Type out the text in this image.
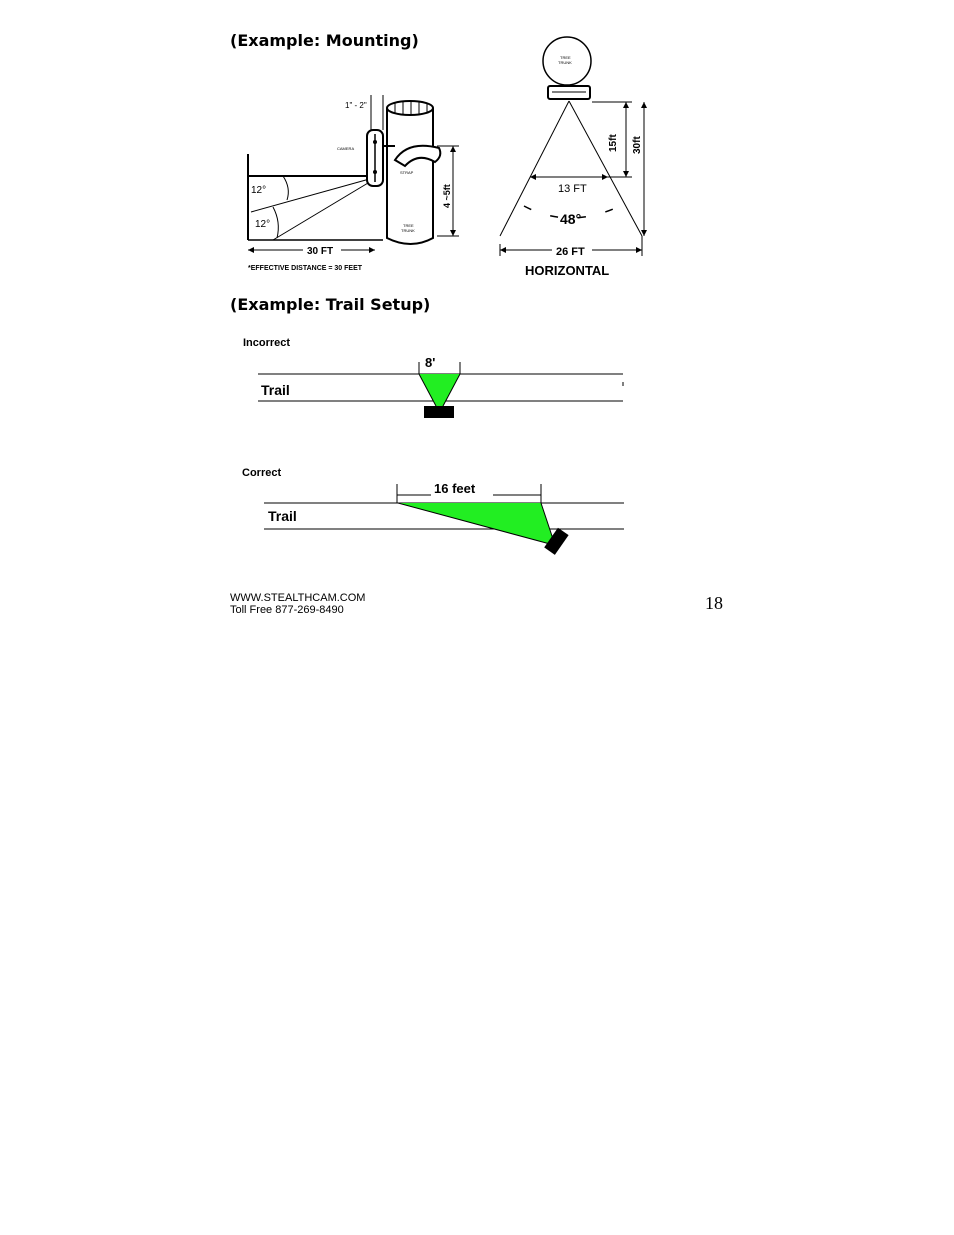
(Example: Mounting)
12°
12°
30 FT
*EFFECTIVE DISTANCE = 30 FEET
TREE
TRUNK
STRAP
CAMERA
1" - 2"
4 ~5ft
TREE
TRUNK
13 FT
48°
26 FT
HORIZONTAL
15ft 30ft
(Example: Trail Setup)
Incorrect
Trail
8'
Correct
Trail
16 feet
WWW.STEALTHCAM.COM
Toll Free 877-269-8490	18
